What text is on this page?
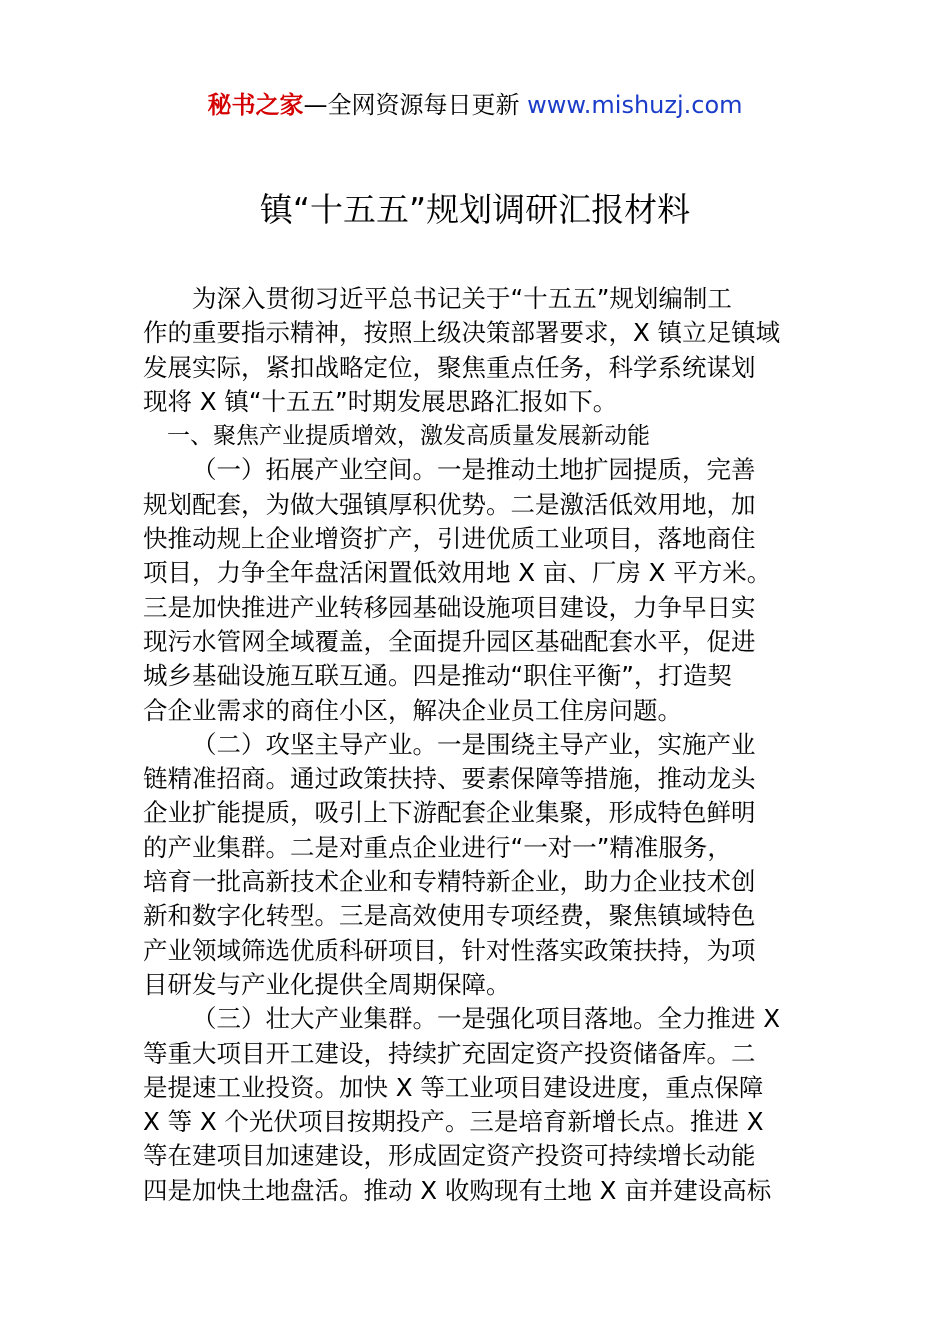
秘书之家—全网资源每日更新 www.mishuzj.com
镇“十五五”规划调研汇报材料
为深入贯彻习近平总书记关于“十五五”规划编制工
作的重要指示精神，按照上级决策部署要求，X 镇立足镇域
发展实际，紧扣战略定位，聚焦重点任务，科学系统谋划
现将 X 镇“十五五”时期发展思路汇报如下。
一、聚焦产业提质增效，激发高质量发展新动能
（一）拓展产业空间。一是推动土地扩园提质，完善
规划配套，为做大强镇厚积优势。二是激活低效用地，加
快推动规上企业增资扩产，引进优质工业项目，落地商住
项目，力争全年盘活闲置低效用地 X 亩、厂房 X 平方米。
三是加快推进产业转移园基础设施项目建设，力争早日实
现污水管网全域覆盖，全面提升园区基础配套水平，促进
城乡基础设施互联互通。四是推动“职住平衡”，打造契
合企业需求的商住小区，解决企业员工住房问题。
（二）攻坚主导产业。一是围绕主导产业，实施产业
链精准招商。通过政策扶持、要素保障等措施，推动龙头
企业扩能提质，吸引上下游配套企业集聚，形成特色鲜明
的产业集群。二是对重点企业进行“一对一”精准服务，
培育一批高新技术企业和专精特新企业，助力企业技术创
新和数字化转型。三是高效使用专项经费，聚焦镇域特色
产业领域筛选优质科研项目，针对性落实政策扶持，为项
目研发与产业化提供全周期保障。
（三）壮大产业集群。一是强化项目落地。全力推进 X
等重大项目开工建设，持续扩充固定资产投资储备库。二
是提速工业投资。加快 X 等工业项目建设进度，重点保障
X 等 X 个光伏项目按期投产。三是培育新增长点。推进 X
等在建项目加速建设，形成固定资产投资可持续增长动能
四是加快土地盘活。推动 X 收购现有土地 X 亩并建设高标
